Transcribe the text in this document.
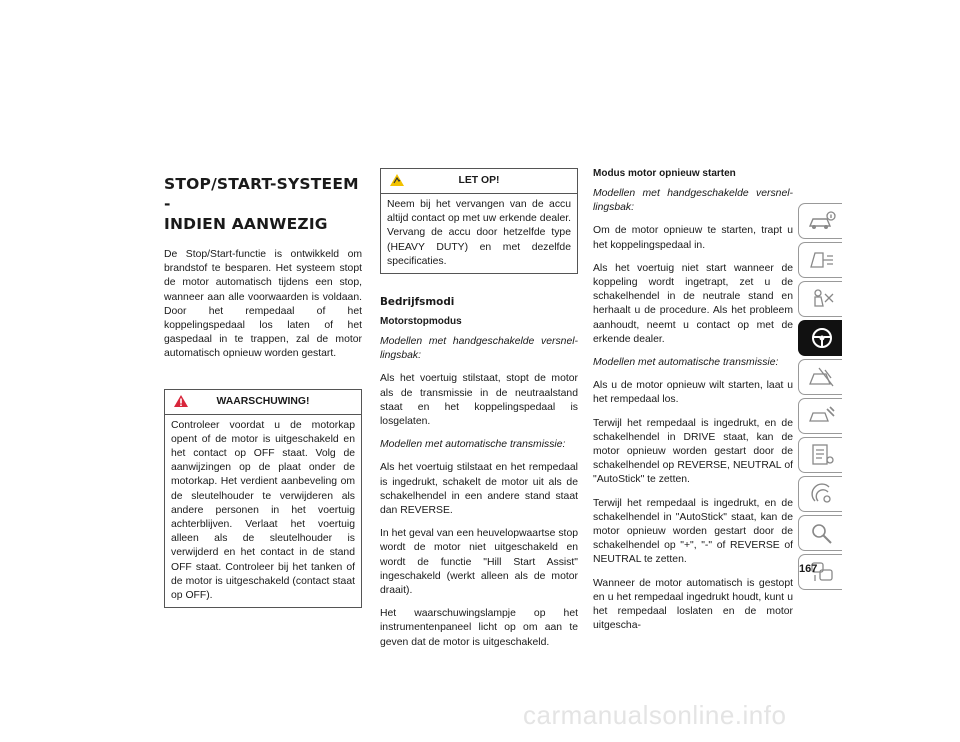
STOP/START-SYSTEEM -
INDIEN AANWEZIG

De Stop/Start-functie is ontwikkeld om brandstof te besparen. Het systeem stopt de motor automatisch tijdens een stop, wanneer aan alle voorwaarden is voldaan. Door het rempedaal of het koppelingspedaal los laten of het gaspedaal in te trappen, zal de motor automatisch opnieuw worden gestart.

WAARSCHUWING!

Controleer voordat u de motorkap opent of de motor is uitgeschakeld en het contact op OFF staat. Volg de aanwijzingen op de plaat onder de motorkap. Het verdient aanbeveling om de sleutelhouder te verwijderen als andere personen in het voertuig achterblijven. Verlaat het voertuig alleen als de sleutelhouder is verwijderd en het contact in de stand OFF staat. Controleer bij het tanken of de motor is uitgeschakeld (contact staat op OFF).

LET OP!

Neem bij het vervangen van de accu altijd contact op met uw erkende dealer. Vervang de accu door hetzelfde type (HEAVY DUTY) en met dezelfde specificaties.

Bedrijfsmodi
Motorstopmodus

Modellen met handgeschakelde versnellingsbak:

Als het voertuig stilstaat, stopt de motor als de transmissie in de neutraalstand staat en het koppelingspedaal is losgelaten.

Modellen met automatische transmissie:

Als het voertuig stilstaat en het rempedaal is ingedrukt, schakelt de motor uit als de schakelhendel in een andere stand staat dan REVERSE.

In het geval van een heuvelopwaartse stop wordt de motor niet uitgeschakeld en wordt de functie "Hill Start Assist" ingeschakeld (werkt alleen als de motor draait).

Het waarschuwingslampje op het instrumentenpaneel licht op om aan te geven dat de motor is uitgeschakeld.

Modus motor opnieuw starten

Modellen met handgeschakelde versnellingsbak:

Om de motor opnieuw te starten, trapt u het koppelingspedaal in.

Als het voertuig niet start wanneer de koppeling wordt ingetrapt, zet u de schakelhendel in de neutrale stand en herhaalt u de procedure. Als het probleem aanhoudt, neemt u contact op met de erkende dealer.

Modellen met automatische transmissie:

Als u de motor opnieuw wilt starten, laat u het rempedaal los.

Terwijl het rempedaal is ingedrukt, en de schakelhendel in DRIVE staat, kan de motor opnieuw worden gestart door de schakelhendel op REVERSE, NEUTRAL of "AutoStick" te zetten.

Terwijl het rempedaal is ingedrukt, en de schakelhendel in "AutoStick" staat, kan de motor opnieuw worden gestart door de schakelhendel op "+", "-" of REVERSE of NEUTRAL te zetten.

Wanneer de motor automatisch is gestopt en u het rempedaal ingedrukt houdt, kunt u het rempedaal loslaten en de motor uitgescha-

167
carmanualsonline.info
